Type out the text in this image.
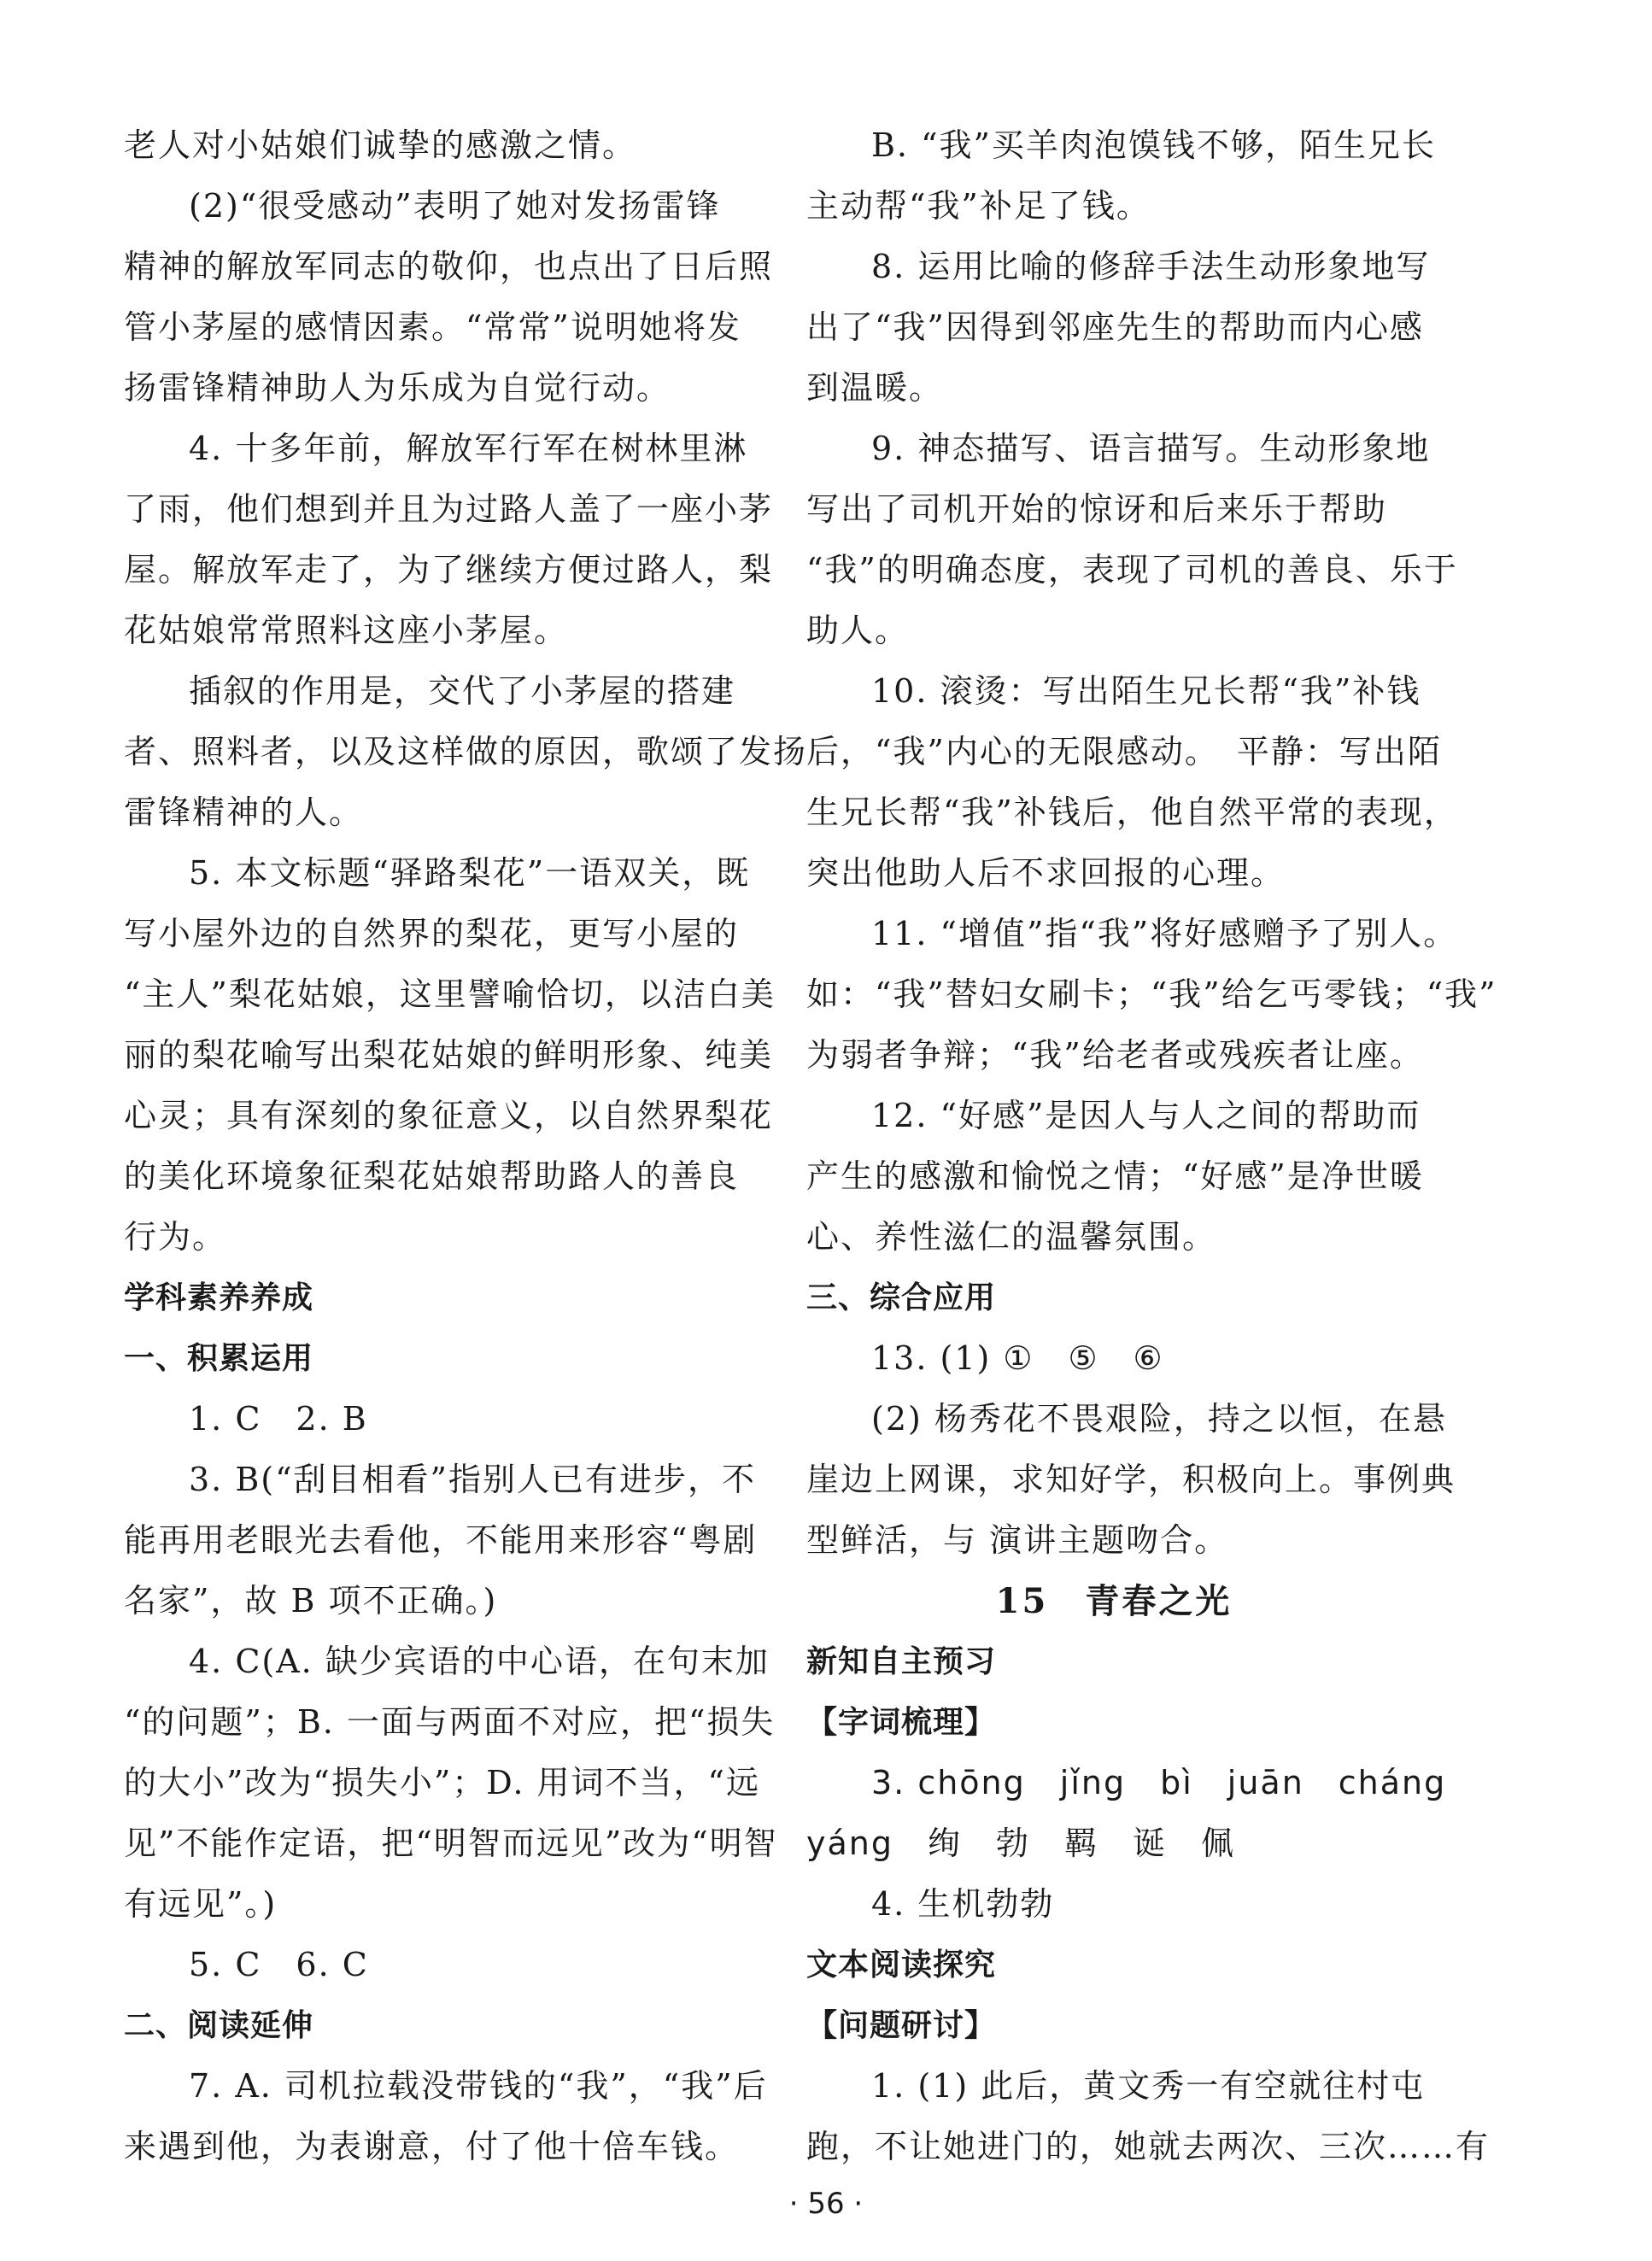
老人对小姑娘们诚挚的感激之情。
(2)“很受感动”表明了她对发扬雷锋
精神的解放军同志的敬仰，也点出了日后照
管小茅屋的感情因素。“常常”说明她将发
扬雷锋精神助人为乐成为自觉行动。
4. 十多年前，解放军行军在树林里淋
了雨，他们想到并且为过路人盖了一座小茅
屋。解放军走了，为了继续方便过路人，梨
花姑娘常常照料这座小茅屋。
插叙的作用是，交代了小茅屋的搭建
者、照料者，以及这样做的原因，歌颂了发扬
雷锋精神的人。
5. 本文标题“驿路梨花”一语双关，既
写小屋外边的自然界的梨花，更写小屋的
“主人”梨花姑娘，这里譬喻恰切，以洁白美
丽的梨花喻写出梨花姑娘的鲜明形象、纯美
心灵；具有深刻的象征意义，以自然界梨花
的美化环境象征梨花姑娘帮助路人的善良
行为。
学科素养养成
一、积累运用
1. C　2. B
3. B(“刮目相看”指别人已有进步，不
能再用老眼光去看他，不能用来形容“粤剧
名家”，故 B 项不正确。)
4. C(A. 缺少宾语的中心语，在句末加
“的问题”；B. 一面与两面不对应，把“损失
的大小”改为“损失小”；D. 用词不当，“远
见”不能作定语，把“明智而远见”改为“明智
有远见”。)
5. C　6. C
二、阅读延伸
7. A. 司机拉载没带钱的“我”，“我”后
来遇到他，为表谢意，付了他十倍车钱。
B. “我”买羊肉泡馍钱不够，陌生兄长
主动帮“我”补足了钱。
8. 运用比喻的修辞手法生动形象地写
出了“我”因得到邻座先生的帮助而内心感
到温暖。
9. 神态描写、语言描写。生动形象地
写出了司机开始的惊讶和后来乐于帮助
“我”的明确态度，表现了司机的善良、乐于
助人。
10. 滚烫：写出陌生兄长帮“我”补钱
后，“我”内心的无限感动。　平静：写出陌
生兄长帮“我”补钱后，他自然平常的表现，
突出他助人后不求回报的心理。
11. “增值”指“我”将好感赠予了别人。
如：“我”替妇女刷卡；“我”给乞丐零钱；“我”
为弱者争辩；“我”给老者或残疾者让座。
12. “好感”是因人与人之间的帮助而
产生的感激和愉悦之情；“好感”是净世暖
心、养性滋仁的温馨氛围。
三、综合应用
13. (1) ①　⑤　⑥
(2) 杨秀花不畏艰险，持之以恒，在悬
崖边上网课，求知好学，积极向上。事例典
型鲜活，与 演讲主题吻合。
15　青春之光
新知自主预习
【字词梳理】
3. chōng　jǐng　bì　juān　cháng
yáng　绚　勃　羁　诞　佩
4. 生机勃勃
文本阅读探究
【问题研讨】
1. (1) 此后，黄文秀一有空就往村屯
跑，不让她进门的，她就去两次、三次……有
· 56 ·
